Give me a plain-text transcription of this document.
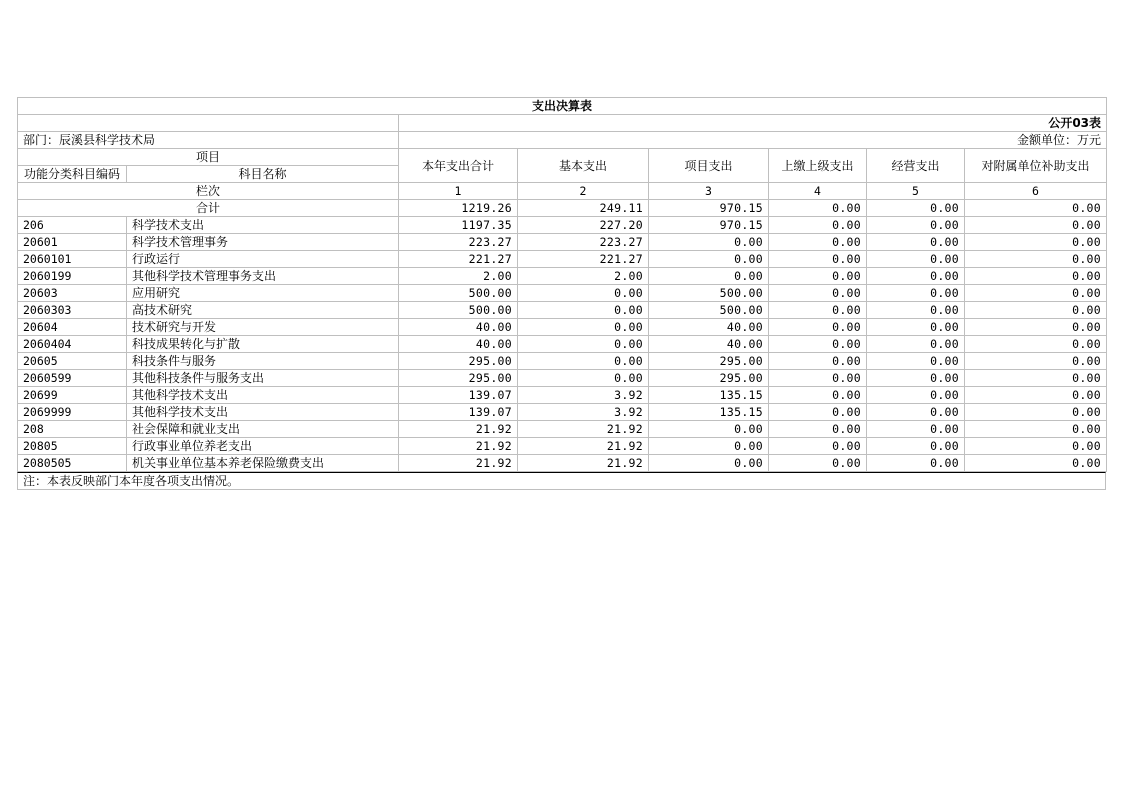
支出决算表							
		公开03表					
部门：辰溪县科学技术局		金额单位：万元					
项目		本年支出合计	基本支出	项目支出	上缴上级支出	经营支出	对附属单位补助支出
功能分类科目编码	科目名称						
栏次		1	2	3	4	5	6
合计		1219.26	249.11	970.15	0.00	0.00	0.00
206	科学技术支出	1197.35	227.20	970.15	0.00	0.00	0.00
20601	科学技术管理事务	223.27	223.27	0.00	0.00	0.00	0.00
2060101	行政运行	221.27	221.27	0.00	0.00	0.00	0.00
2060199	其他科学技术管理事务支出	2.00	2.00	0.00	0.00	0.00	0.00
20603	应用研究	500.00	0.00	500.00	0.00	0.00	0.00
2060303	高技术研究	500.00	0.00	500.00	0.00	0.00	0.00
20604	技术研究与开发	40.00	0.00	40.00	0.00	0.00	0.00
2060404	科技成果转化与扩散	40.00	0.00	40.00	0.00	0.00	0.00
20605	科技条件与服务	295.00	0.00	295.00	0.00	0.00	0.00
2060599	其他科技条件与服务支出	295.00	0.00	295.00	0.00	0.00	0.00
20699	其他科学技术支出	139.07	3.92	135.15	0.00	0.00	0.00
2069999	其他科学技术支出	139.07	3.92	135.15	0.00	0.00	0.00
208	社会保障和就业支出	21.92	21.92	0.00	0.00	0.00	0.00
20805	行政事业单位养老支出	21.92	21.92	0.00	0.00	0.00	0.00
2080505	机关事业单位基本养老保险缴费支出	21.92	21.92	0.00	0.00	0.00	0.00
注：本表反映部门本年度各项支出情况。
